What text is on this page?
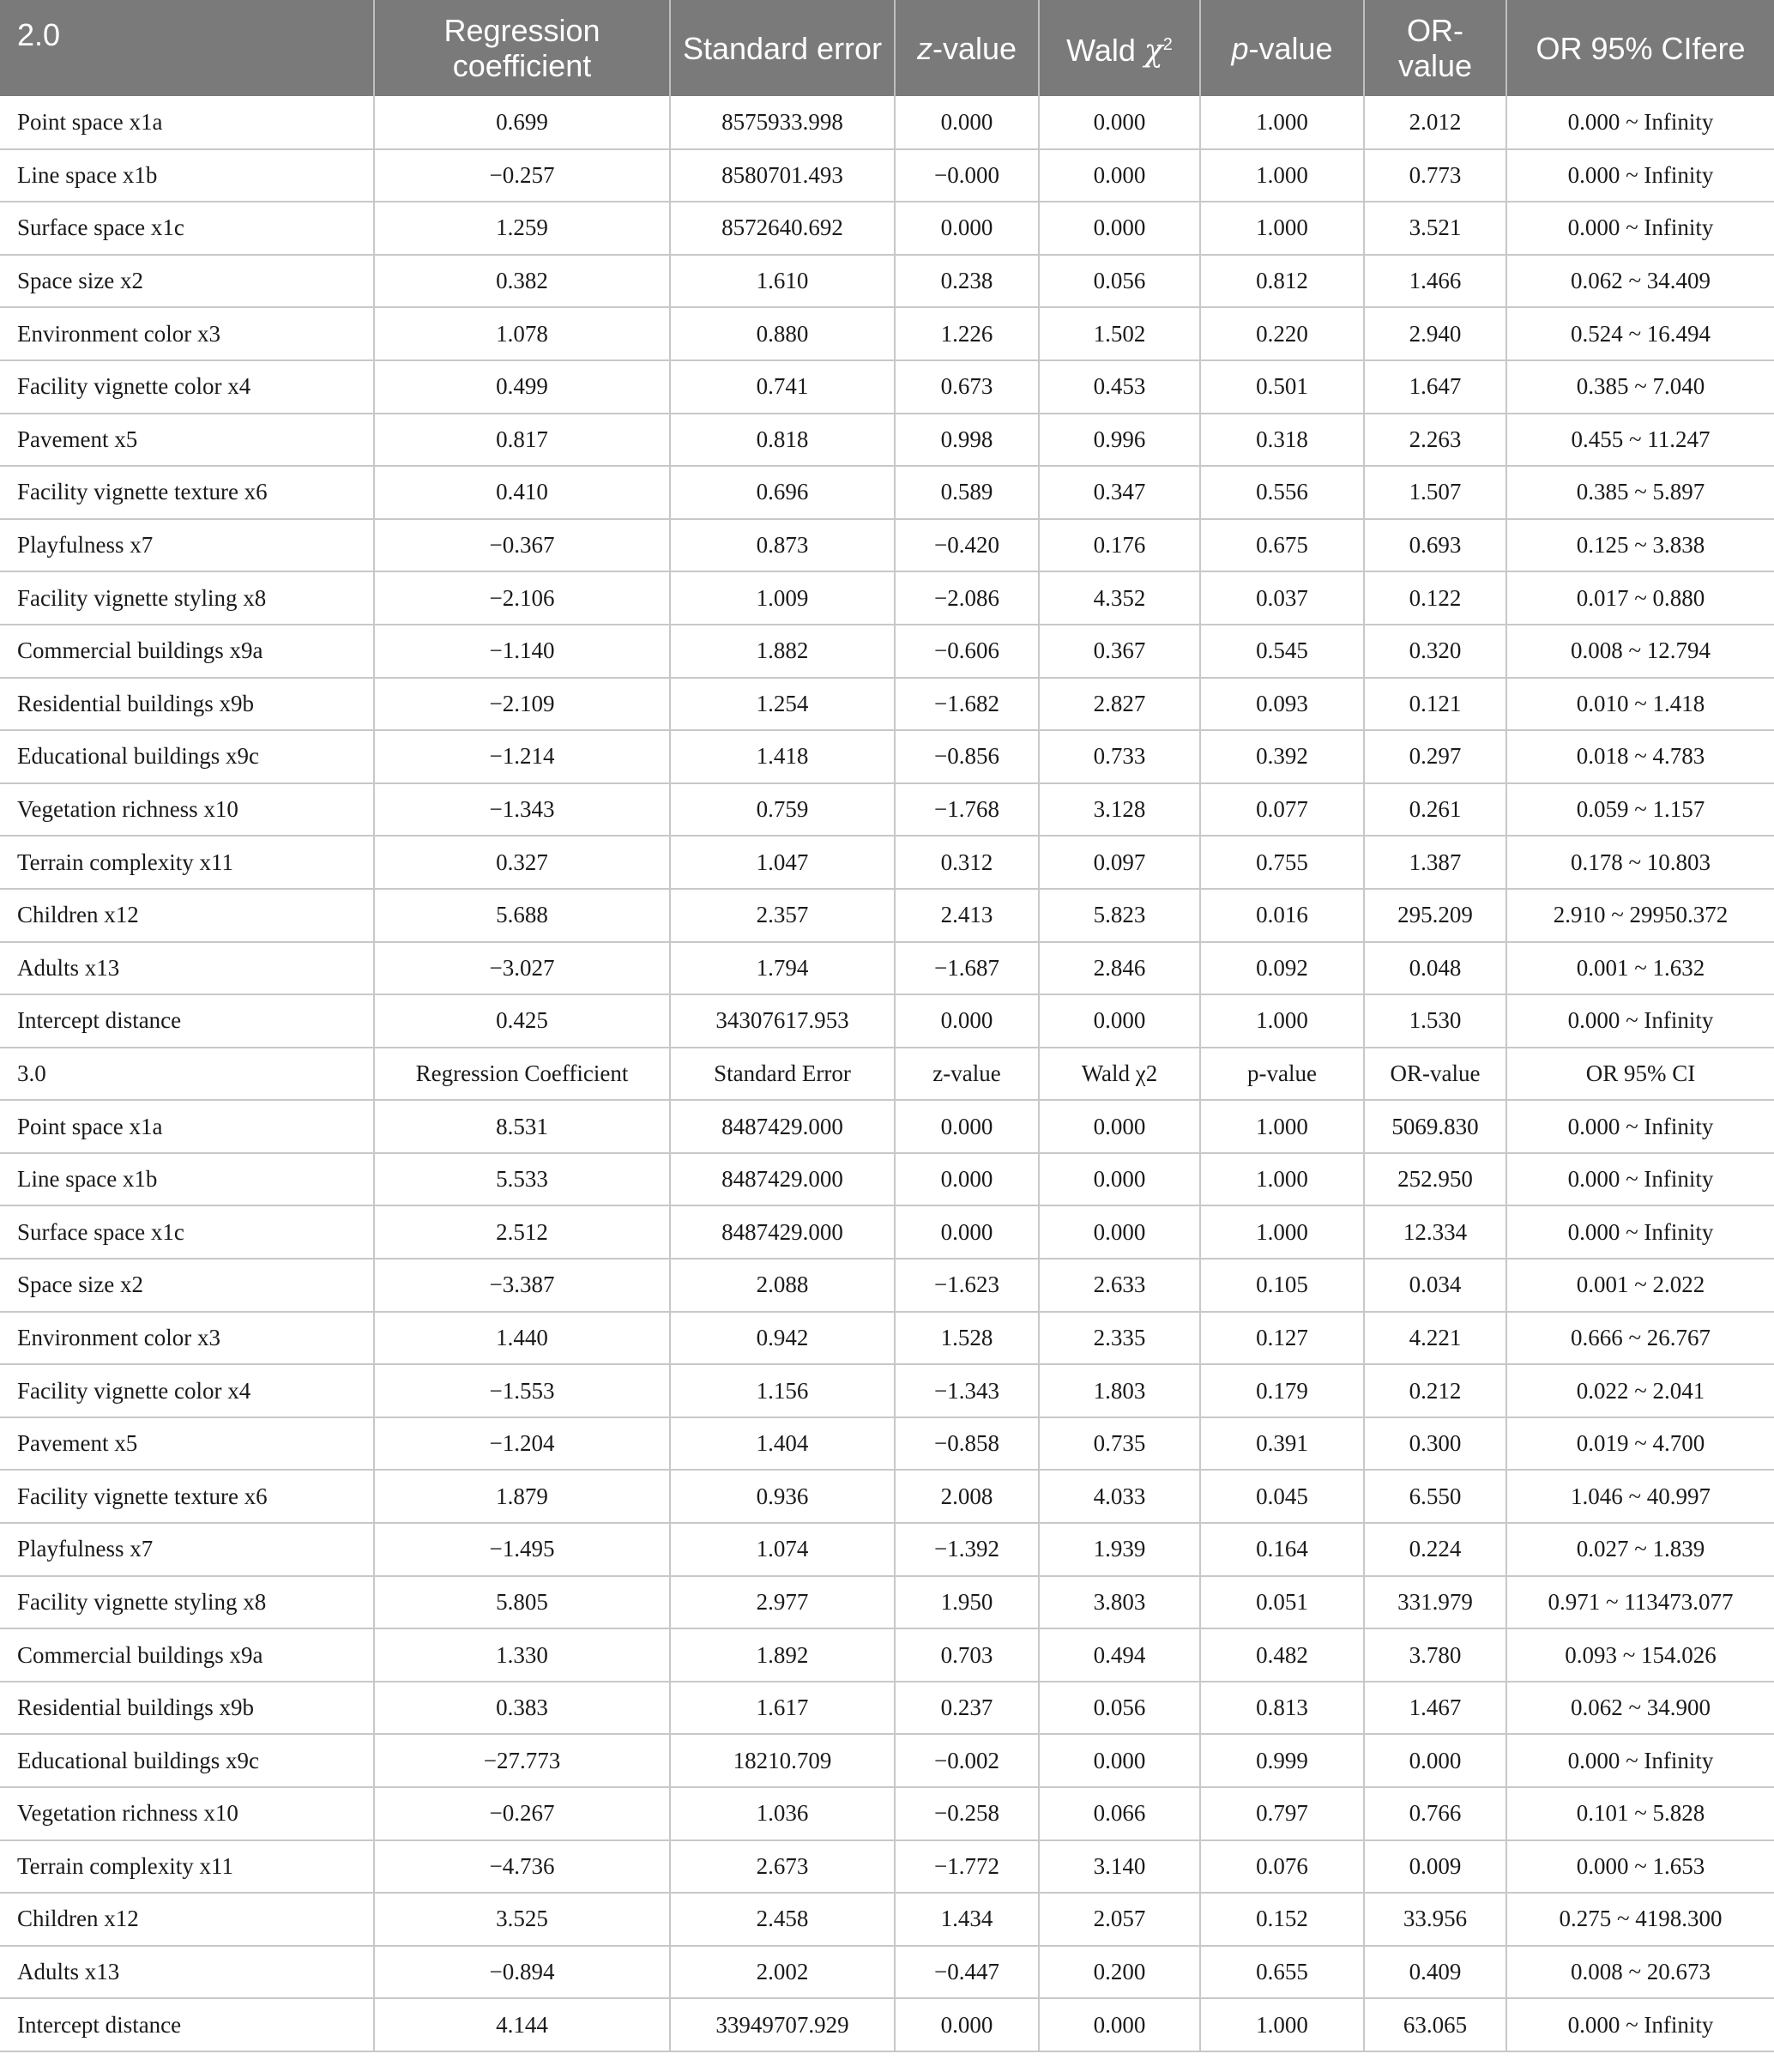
2.0	Regression coefficient	Standard error	z-value	Wald $\chi^2$	p-value	OR-value	OR 95% CIfere
Point space x1a	0.699	8575933.998	0.000	0.000	1.000	2.012	0.000 ~ Infinity
Line space x1b	−0.257	8580701.493	−0.000	0.000	1.000	0.773	0.000 ~ Infinity
Surface space x1c	1.259	8572640.692	0.000	0.000	1.000	3.521	0.000 ~ Infinity
Space size x2	0.382	1.610	0.238	0.056	0.812	1.466	0.062 ~ 34.409
Environment color x3	1.078	0.880	1.226	1.502	0.220	2.940	0.524 ~ 16.494
Facility vignette color x4	0.499	0.741	0.673	0.453	0.501	1.647	0.385 ~ 7.040
Pavement x5	0.817	0.818	0.998	0.996	0.318	2.263	0.455 ~ 11.247
Facility vignette texture x6	0.410	0.696	0.589	0.347	0.556	1.507	0.385 ~ 5.897
Playfulness x7	−0.367	0.873	−0.420	0.176	0.675	0.693	0.125 ~ 3.838
Facility vignette styling x8	−2.106	1.009	−2.086	4.352	0.037	0.122	0.017 ~ 0.880
Commercial buildings x9a	−1.140	1.882	−0.606	0.367	0.545	0.320	0.008 ~ 12.794
Residential buildings x9b	−2.109	1.254	−1.682	2.827	0.093	0.121	0.010 ~ 1.418
Educational buildings x9c	−1.214	1.418	−0.856	0.733	0.392	0.297	0.018 ~ 4.783
Vegetation richness x10	−1.343	0.759	−1.768	3.128	0.077	0.261	0.059 ~ 1.157
Terrain complexity x11	0.327	1.047	0.312	0.097	0.755	1.387	0.178 ~ 10.803
Children x12	5.688	2.357	2.413	5.823	0.016	295.209	2.910 ~ 29950.372
Adults x13	−3.027	1.794	−1.687	2.846	0.092	0.048	0.001 ~ 1.632
Intercept distance	0.425	34307617.953	0.000	0.000	1.000	1.530	0.000 ~ Infinity
3.0	Regression Coefficient	Standard Error	z-value	Wald χ2	p-value	OR-value	OR 95% CI
Point space x1a	8.531	8487429.000	0.000	0.000	1.000	5069.830	0.000 ~ Infinity
Line space x1b	5.533	8487429.000	0.000	0.000	1.000	252.950	0.000 ~ Infinity
Surface space x1c	2.512	8487429.000	0.000	0.000	1.000	12.334	0.000 ~ Infinity
Space size x2	−3.387	2.088	−1.623	2.633	0.105	0.034	0.001 ~ 2.022
Environment color x3	1.440	0.942	1.528	2.335	0.127	4.221	0.666 ~ 26.767
Facility vignette color x4	−1.553	1.156	−1.343	1.803	0.179	0.212	0.022 ~ 2.041
Pavement x5	−1.204	1.404	−0.858	0.735	0.391	0.300	0.019 ~ 4.700
Facility vignette texture x6	1.879	0.936	2.008	4.033	0.045	6.550	1.046 ~ 40.997
Playfulness x7	−1.495	1.074	−1.392	1.939	0.164	0.224	0.027 ~ 1.839
Facility vignette styling x8	5.805	2.977	1.950	3.803	0.051	331.979	0.971 ~ 113473.077
Commercial buildings x9a	1.330	1.892	0.703	0.494	0.482	3.780	0.093 ~ 154.026
Residential buildings x9b	0.383	1.617	0.237	0.056	0.813	1.467	0.062 ~ 34.900
Educational buildings x9c	−27.773	18210.709	−0.002	0.000	0.999	0.000	0.000 ~ Infinity
Vegetation richness x10	−0.267	1.036	−0.258	0.066	0.797	0.766	0.101 ~ 5.828
Terrain complexity x11	−4.736	2.673	−1.772	3.140	0.076	0.009	0.000 ~ 1.653
Children x12	3.525	2.458	1.434	2.057	0.152	33.956	0.275 ~ 4198.300
Adults x13	−0.894	2.002	−0.447	0.200	0.655	0.409	0.008 ~ 20.673
Intercept distance	4.144	33949707.929	0.000	0.000	1.000	63.065	0.000 ~ Infinity
